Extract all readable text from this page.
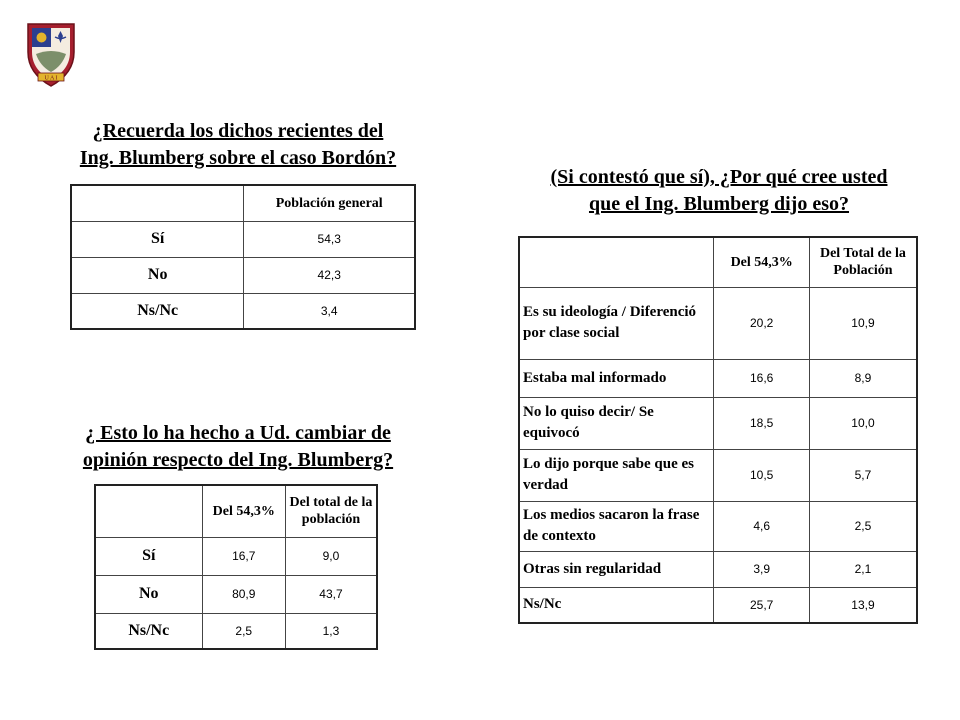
U A I
¿Recuerda los dichos recientes del
Ing. Blumberg sobre el caso Bordón?
	Población general
Sí	54,3
No	42,3
Ns/Nc	3,4
¿ Esto lo ha hecho a Ud. cambiar de
opinión respecto del Ing. Blumberg?
	Del 54,3%	Del total de la población
Sí	16,7	9,0
No	80,9	43,7
Ns/Nc	2,5	1,3
(Si contestó que sí), ¿Por qué cree usted
que el Ing. Blumberg dijo eso?
	Del 54,3%	Del Total de la Población
Es su ideología / Diferenció por clase social	20,2	10,9
Estaba mal informado	16,6	8,9
No lo quiso decir/ Se equivocó	18,5	10,0
Lo dijo porque sabe que es verdad	10,5	5,7
Los medios sacaron la frase de contexto	4,6	2,5
Otras sin regularidad	3,9	2,1
Ns/Nc	25,7	13,9
